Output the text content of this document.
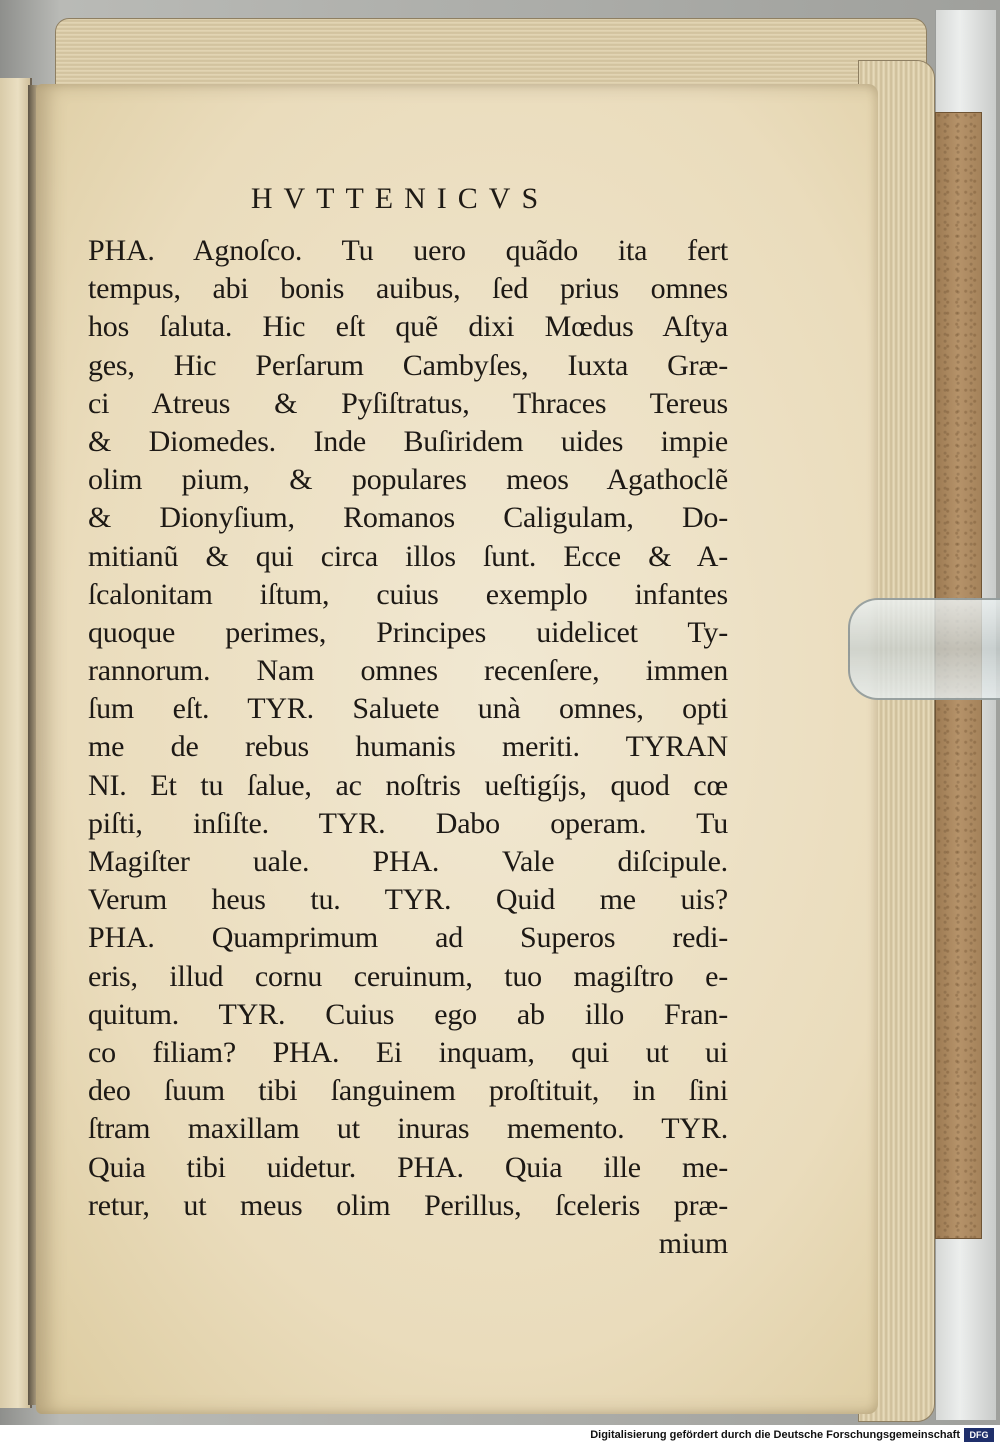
HVTTENICVS
PHA. Agnoſco. Tu uero quãdo ita fert
tempus, abi bonis auibus, ſed prius omnes
hos ſaluta. Hic eſt quẽ dixi Mœdus Aſtya
ges, Hic Perſarum Cambyſes, Iuxta Græ-
ci Atreus & Pyſiſtratus, Thraces Tereus
& Diomedes. Inde Buſiridem uides impie
olim pium, & populares meos Agathoclẽ
& Dionyſium, Romanos Caligulam, Do-
mitianũ & qui circa illos ſunt. Ecce & A-
ſcalonitam iſtum, cuius exemplo infantes
quoque perimes, Principes uidelicet Ty-
rannorum. Nam omnes recenſere, immen
ſum eſt. TYR. Saluete unà omnes, opti
me de rebus humanis meriti. TYRAN
NI. Et tu ſalue, ac noſtris ueſtigíjs, quod cœ
piſti, inſiſte. TYR. Dabo operam. Tu
Magiſter uale. PHA. Vale diſcipule.
Verum heus tu. TYR. Quid me uis?
PHA. Quamprimum ad Superos redi-
eris, illud cornu ceruinum, tuo magiſtro e-
quitum. TYR. Cuius ego ab illo Fran-
co filiam? PHA. Ei inquam, qui ut ui
deo ſuum tibi ſanguinem proſtituit, in ſini
ſtram maxillam ut inuras memento. TYR.
Quia tibi uidetur. PHA. Quia ille me-
retur, ut meus olim Perillus, ſceleris præ-
mium

Digitalisierung gefördert durch die Deutsche Forschungsgemeinschaft	DFG
